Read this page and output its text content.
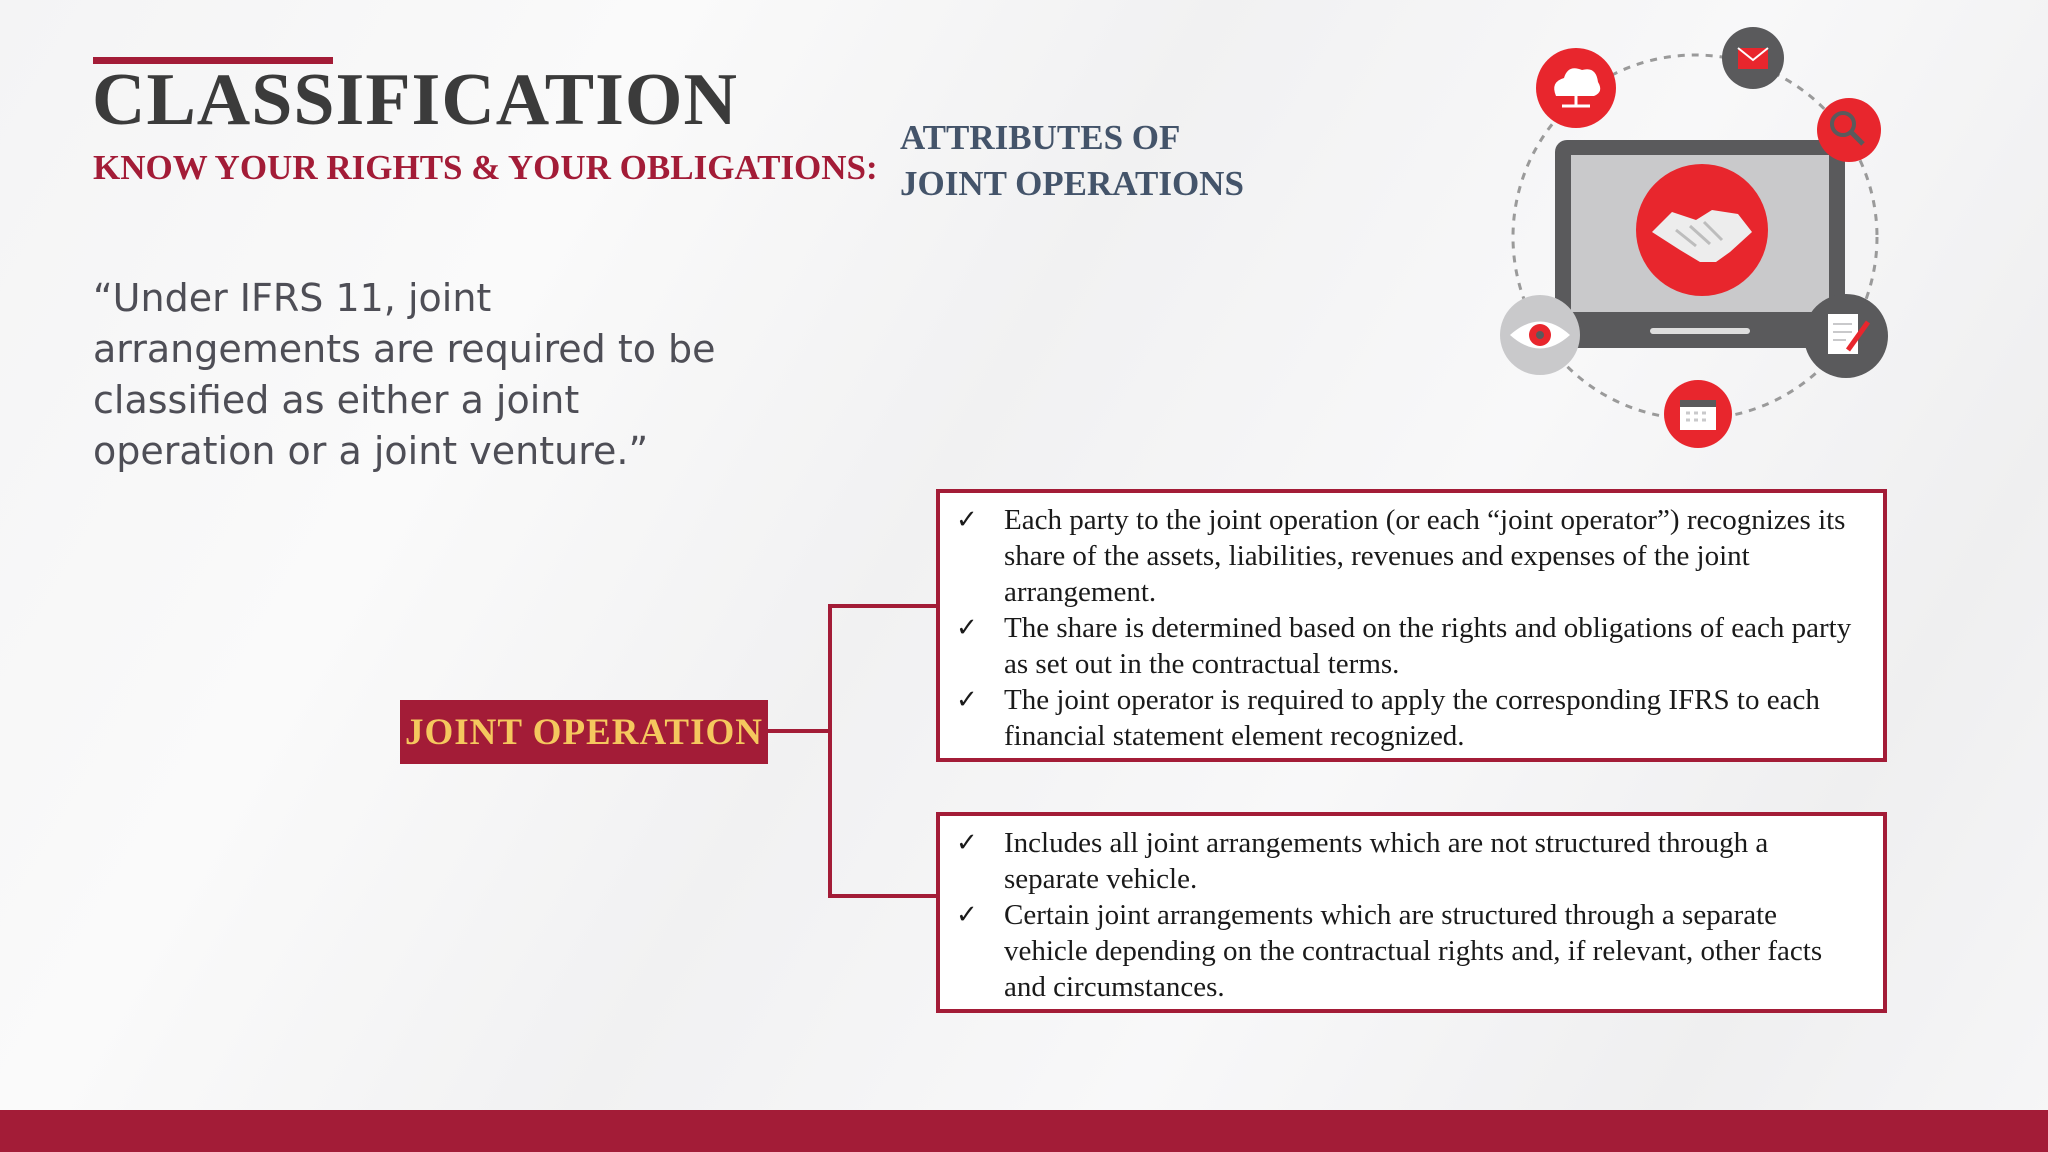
CLASSIFICATION
KNOW YOUR RIGHTS & YOUR OBLIGATIONS:
ATTRIBUTES OF
JOINT OPERATIONS
“Under IFRS 11, joint
arrangements are required to be
classified as either a joint
operation or a joint venture.”
JOINT OPERATION
✓ Each party to the joint operation (or each “joint operator”) recognizes its share of the assets, liabilities, revenues and expenses of the joint arrangement.
✓ The share is determined based on the rights and obligations of each party as set out in the contractual terms.
✓ The joint operator is required to apply the corresponding IFRS to each financial statement element recognized.
✓ Includes all joint arrangements which are not structured through a separate vehicle.
✓ Certain joint arrangements which are structured through a separate vehicle depending on the contractual rights and, if relevant, other facts and circumstances.
